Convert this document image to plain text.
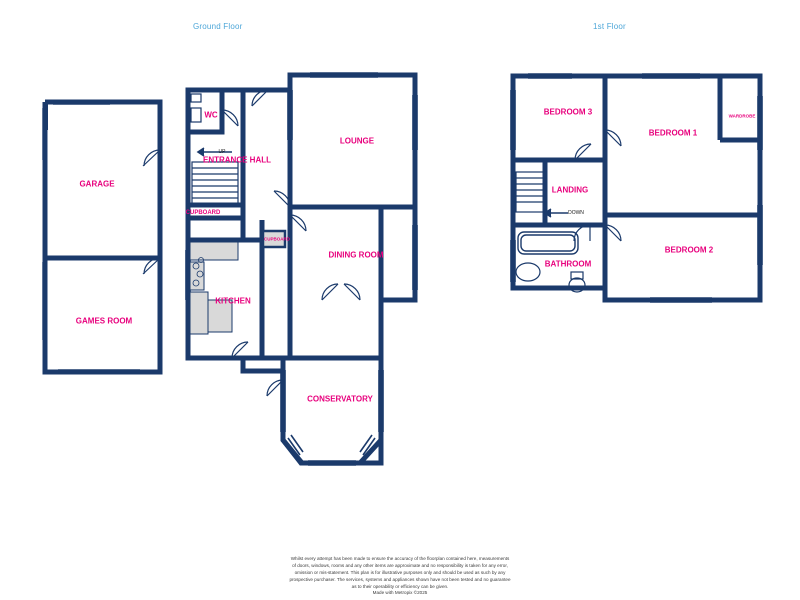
Ground Floor	1st Floor
GARAGE
GAMES ROOM
WC
ENTRANCE HALL
CUPBOARD
CUPBOARD
KITCHEN
LOUNGE
DINING ROOM
CONSERVATORY
BEDROOM 3
BEDROOM 1
WARDROBE
LANDING
BEDROOM 2
BATHROOM
UP
DOWN
Whilst every attempt has been made to ensure the accuracy of the floorplan contained here, measurements
of doors, windows, rooms and any other items are approximate and no responsibility is taken for any error,
omission or mis-statement. This plan is for illustrative purposes only and should be used as such by any
prospective purchaser. The services, systems and appliances shown have not been tested and no guarantee
as to their operability or efficiency can be given.
Made with Metropix ©2025
